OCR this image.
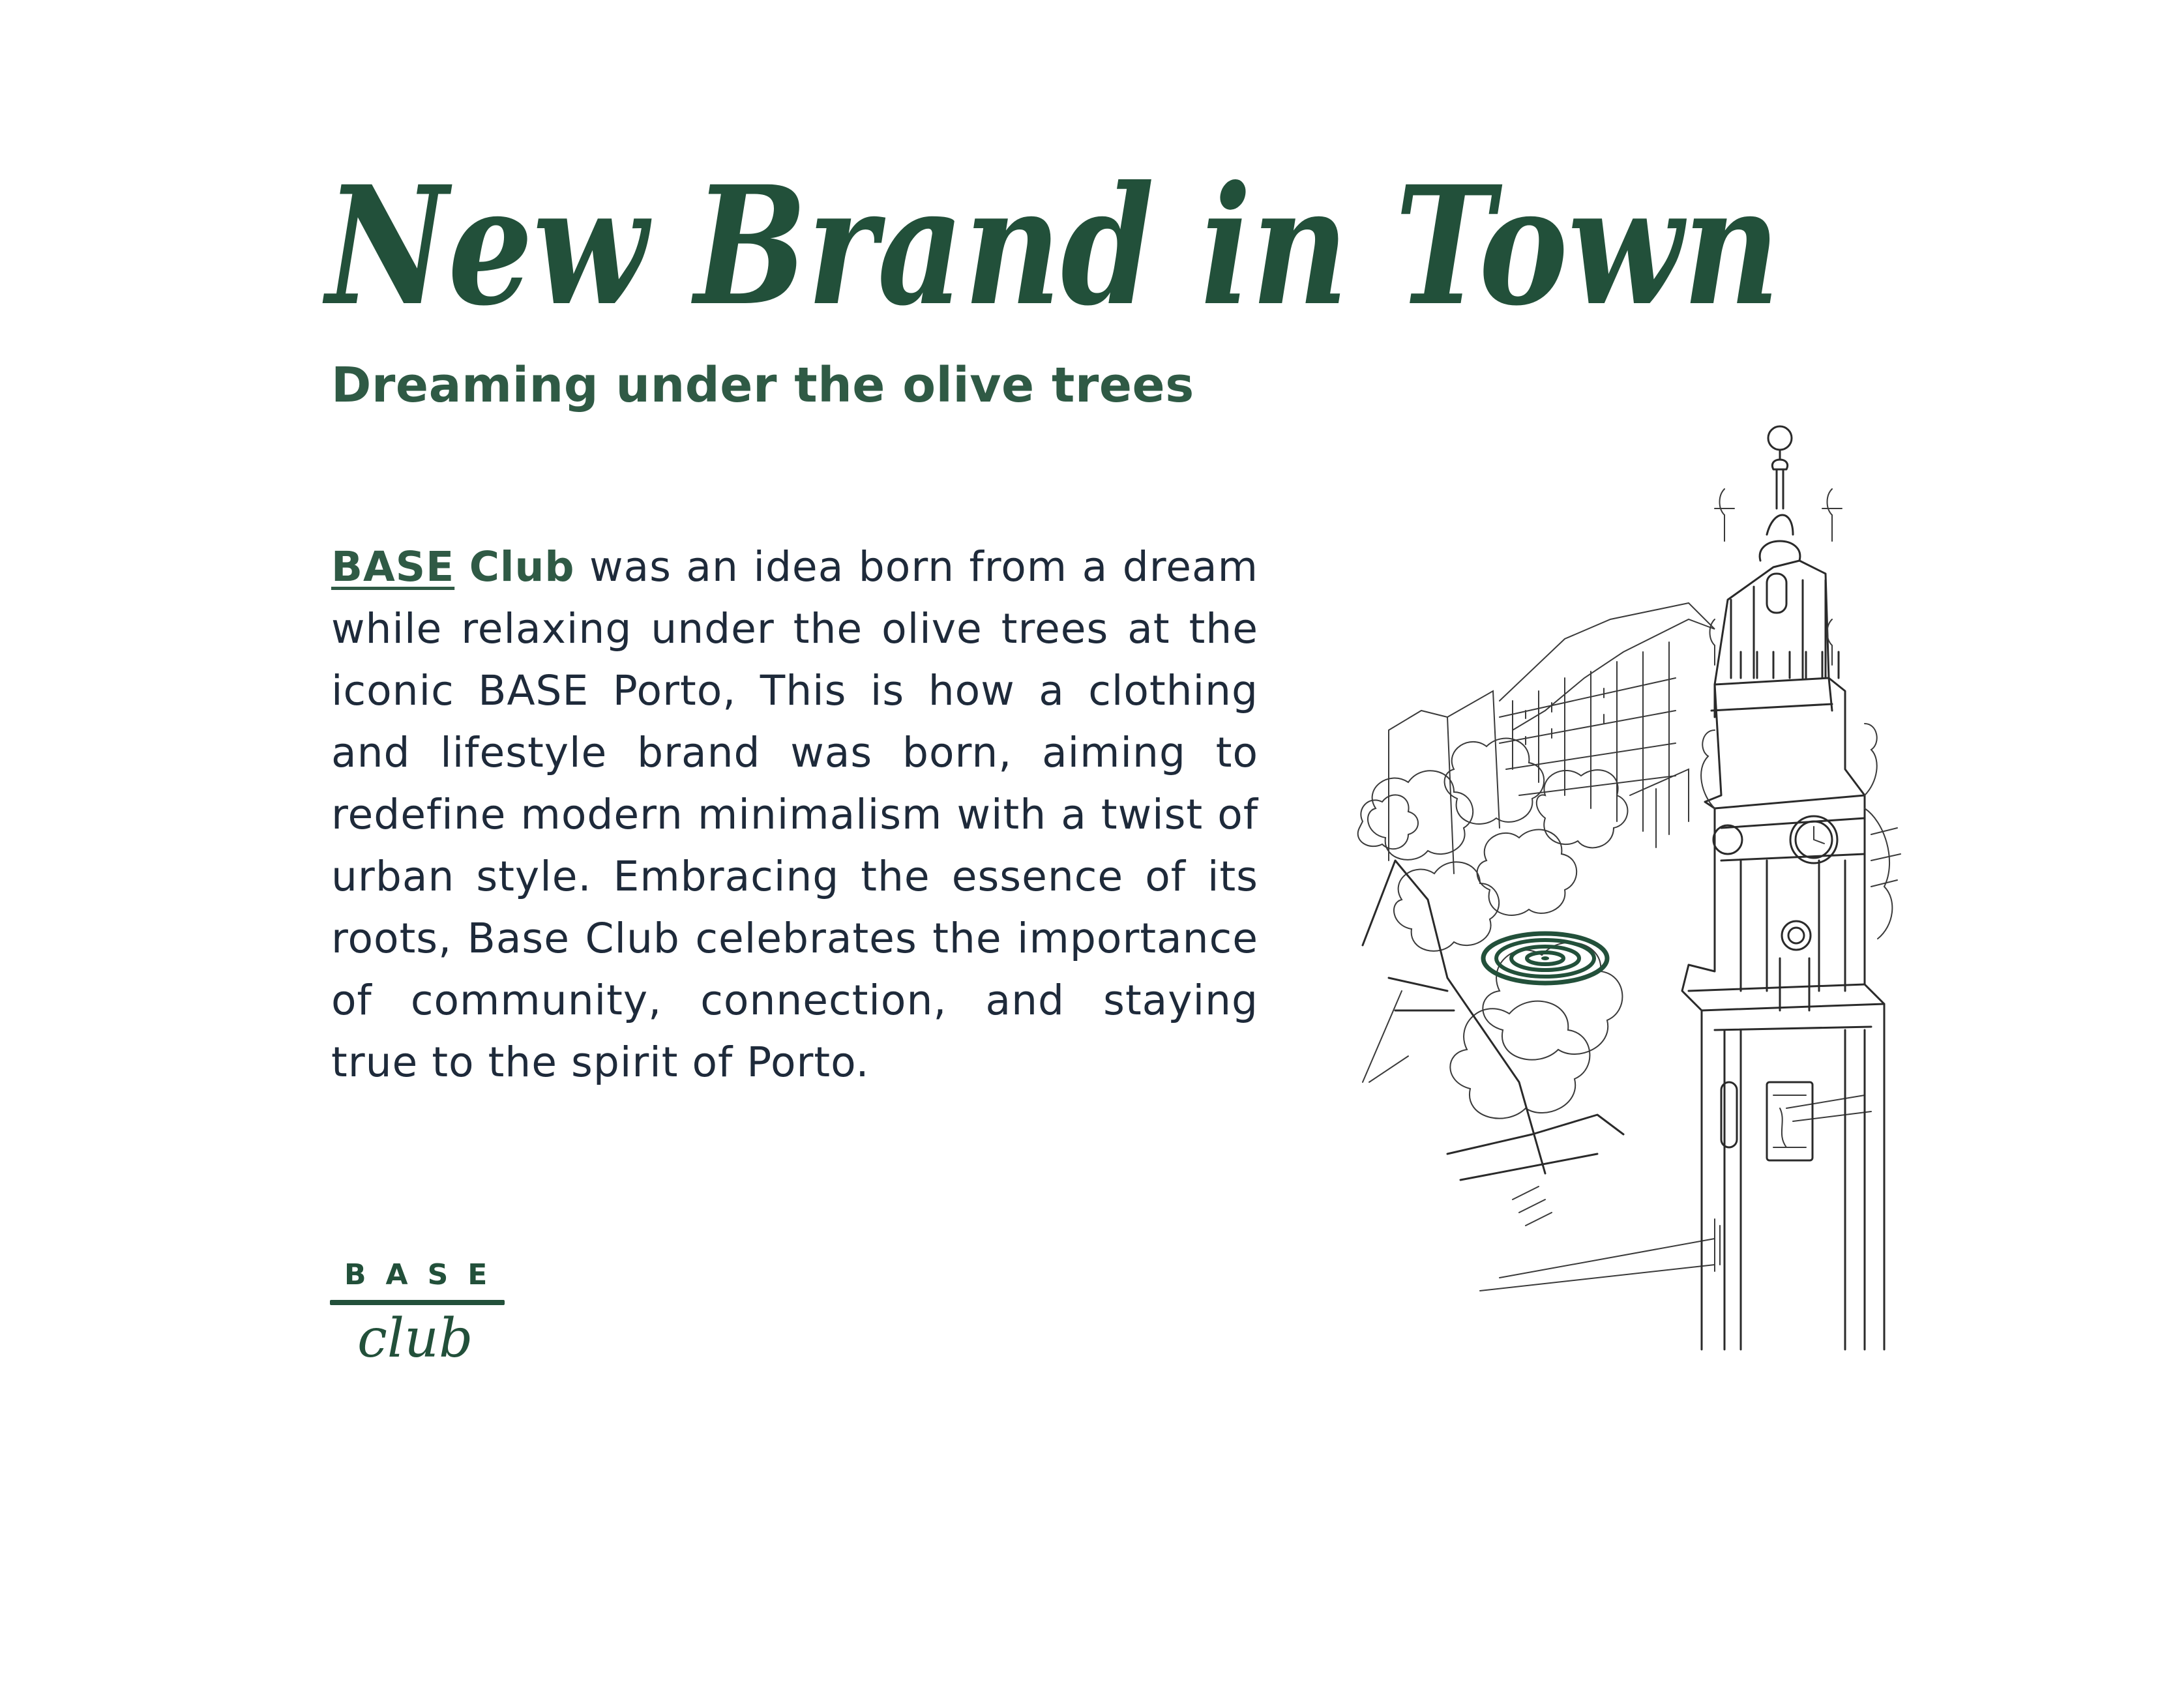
New Brand in Town
Dreaming under the olive trees

BASE Club was an idea born from a dream while relaxing under the olive trees at the iconic BASE Porto, This is how a clothing and lifestyle brand was born, aiming to redefine modern minimalism with a twist of urban style. Embracing the essence of its roots, Base Club celebrates the importance of community, connection, and staying true to the spirit of Porto.

BASE
club
